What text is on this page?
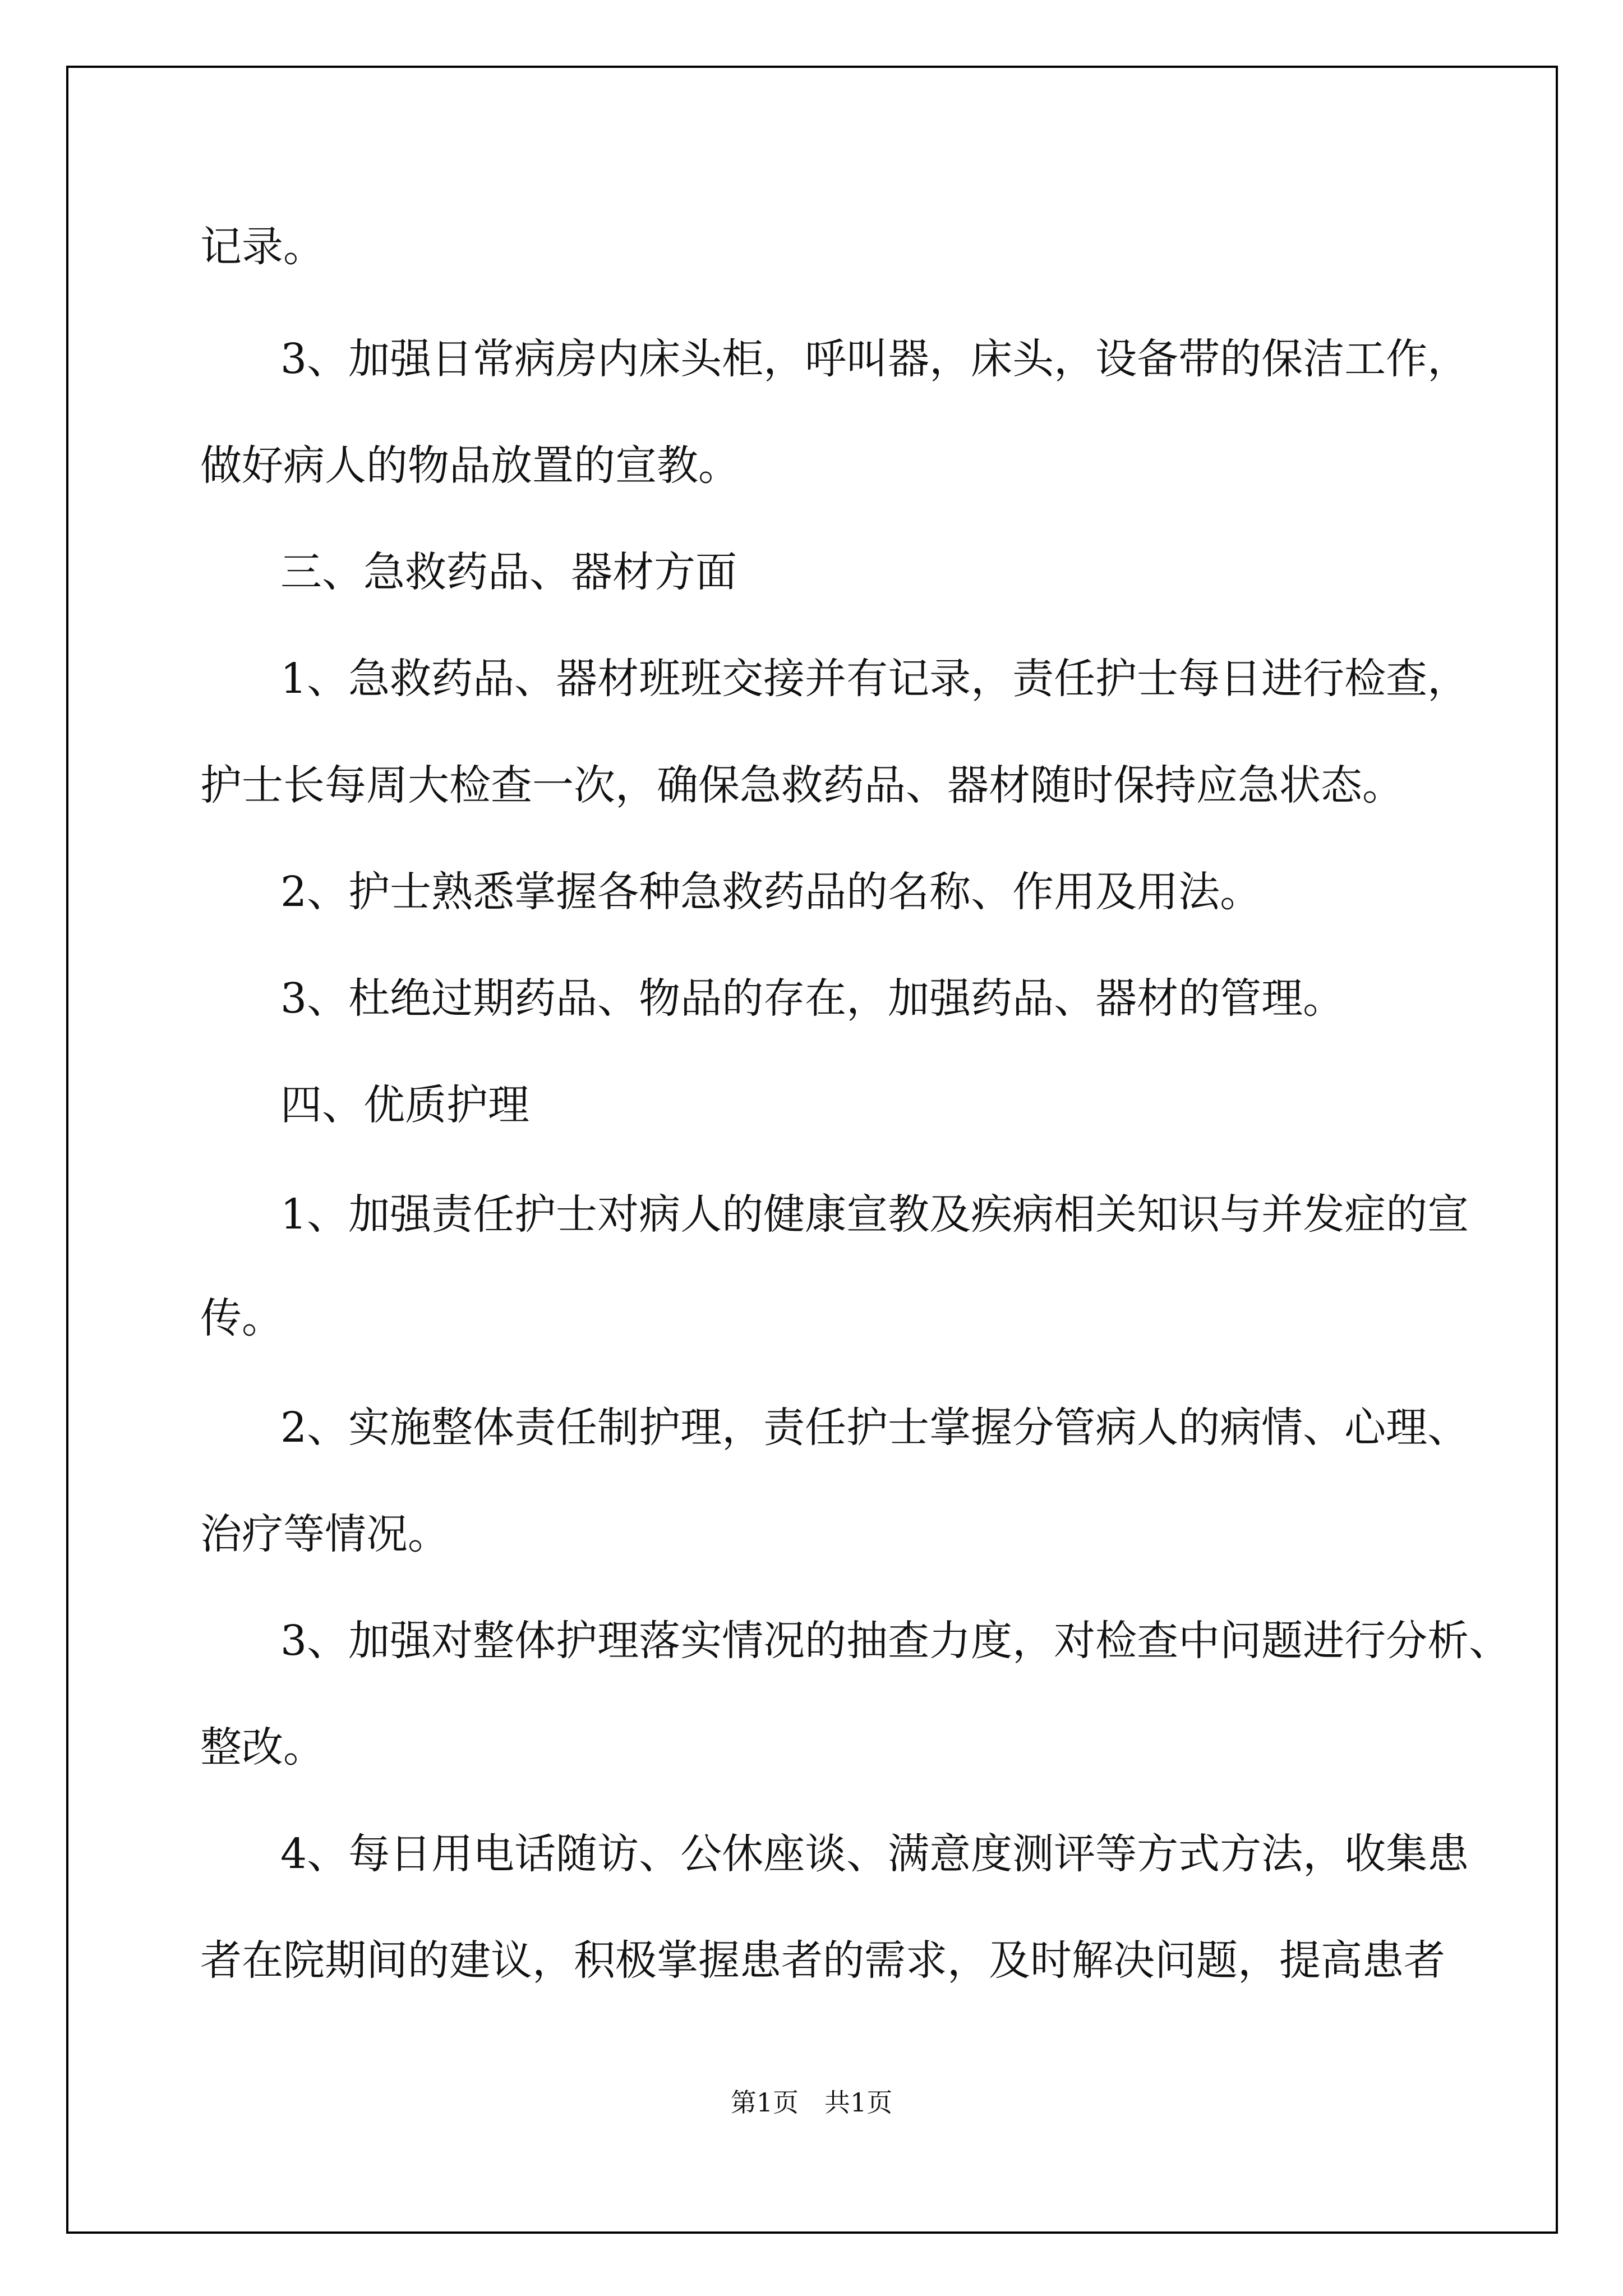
记录。
3、加强日常病房内床头柜，呼叫器，床头，设备带的保洁工作，
做好病人的物品放置的宣教。
三、急救药品、器材方面
1、急救药品、器材班班交接并有记录，责任护士每日进行检查，
护士长每周大检查一次，确保急救药品、器材随时保持应急状态。
2、护士熟悉掌握各种急救药品的名称、作用及用法。
3、杜绝过期药品、物品的存在，加强药品、器材的管理。
四、优质护理
1、加强责任护士对病人的健康宣教及疾病相关知识与并发症的宣
传。
2、实施整体责任制护理，责任护士掌握分管病人的病情、心理、
治疗等情况。
3、加强对整体护理落实情况的抽查力度，对检查中问题进行分析、
整改。
4、每日用电话随访、公休座谈、满意度测评等方式方法，收集患
者在院期间的建议，积极掌握患者的需求，及时解决问题，提高患者
第1页　共1页
